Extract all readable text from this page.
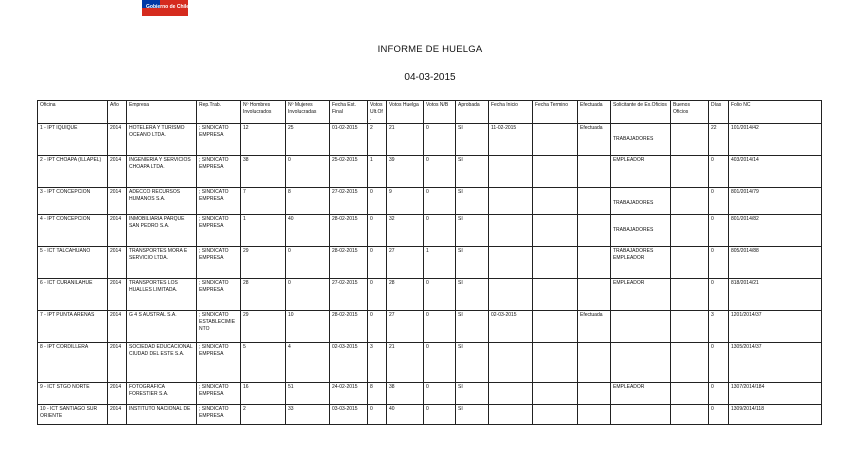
Gobierno de Chile
INFORME DE HUELGA
04-03-2015
Oficina	Año	Empresa	Rep.Trab.	Nº Hombres Involucrados	Nº Mujeres Involucradas	Fecha Est. Final	Votos Ult.Of.	Votos Huelga	Votos N/B	Aprobada	Fecha Inicio	Fecha Termino	Efectuada	Solicitante de Ex.Oficios	Buenos Oficios	Días	Folio NC
1 - IPT IQUIQUE	2014	HOTELERA Y TURISMO OCEANO LTDA.	; SINDICATO EMPRESA	12	25	01-02-2015	2	21	0	SI	11-02-2015		Efectuada	TRABAJADORES		22	101/2014/42
2 - IPT CHOAPA (ILLAPEL)	2014	INGENIERIA Y SERVICIOS CHOAPA LTDA.	; SINDICATO EMPRESA	38	0	25-02-2015	1	39	0	SI				EMPLEADOR		0	403/2014/14
3 - IPT CONCEPCION	2014	ADECCO RECURSOS HUMANOS S.A.	; SINDICATO EMPRESA	7	8	27-02-2015	0	9	0	SI				TRABAJADORES		0	801/2014/79
4 - IPT CONCEPCION	2014	INMOBILIARIA PARQUE SAN PEDRO S.A.	; SINDICATO EMPRESA	1	40	28-02-2015	0	32	0	SI				TRABAJADORES		0	801/2014/82
5 - ICT TALCAHUANO	2014	TRANSPORTES MORA E SERVICIO LTDA.	; SINDICATO EMPRESA	29	0	28-02-2015	0	27	1	SI				TRABAJADORES EMPLEADOR		0	805/2014/88
6 - ICT CURANILAHUE	2014	TRANSPORTES LOS HUALLES LIMITADA.	; SINDICATO EMPRESA	28	0	27-02-2015	0	28	0	SI				EMPLEADOR		0	818/2014/21
7 - IPT PUNTA ARENAS	2014	G 4 S AUSTRAL S.A.	; SINDICATO ESTABLECIMIENTO	29	10	28-02-2015	0	27	0	SI	02-03-2015		Efectuada			3	1201/2014/37
8 - IPT CORDILLERA	2014	SOCIEDAD EDUCACIONAL CIUDAD DEL ESTE S.A.	; SINDICATO EMPRESA	5	4	02-03-2015	3	21	0	SI						0	1305/2014/37
9 - ICT STGO NORTE	2014	FOTOGRAFICA FORESTIER S.A.	; SINDICATO EMPRESA	16	51	24-02-2015	8	38	0	SI				EMPLEADOR		0	1307/2014/184
10 - ICT SANTIAGO SUR ORIENTE	2014	INSTITUTO NACIONAL DE	; SINDICATO EMPRESA	2	33	03-03-2015	0	40	0	SI						0	1309/2014/118
